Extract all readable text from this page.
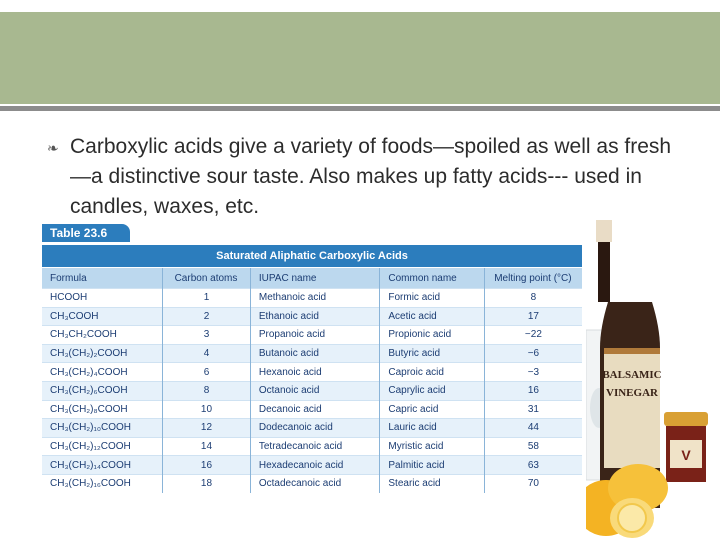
❧ Carboxylic acids give a variety of foods—spoiled as well as fresh—a distinctive sour taste. Also makes up fatty acids--- used in candles, waxes, etc.
Table 23.6
Saturated Aliphatic Carboxylic Acids
Formula	Carbon atoms	IUPAC name	Common name	Melting point (°C)
HCOOH	1	Methanoic acid	Formic acid	8
CH₃COOH	2	Ethanoic acid	Acetic acid	17
CH₃CH₂COOH	3	Propanoic acid	Propionic acid	−22
CH₃(CH₂)₂COOH	4	Butanoic acid	Butyric acid	−6
CH₃(CH₂)₄COOH	6	Hexanoic acid	Caproic acid	−3
CH₃(CH₂)₆COOH	8	Octanoic acid	Caprylic acid	16
CH₃(CH₂)₈COOH	10	Decanoic acid	Capric acid	31
CH₃(CH₂)₁₀COOH	12	Dodecanoic acid	Lauric acid	44
CH₃(CH₂)₁₂COOH	14	Tetradecanoic acid	Myristic acid	58
CH₃(CH₂)₁₄COOH	16	Hexadecanoic acid	Palmitic acid	63
CH₃(CH₂)₁₆COOH	18	Octadecanoic acid	Stearic acid	70
BALSAMIC
VINEGAR
V
